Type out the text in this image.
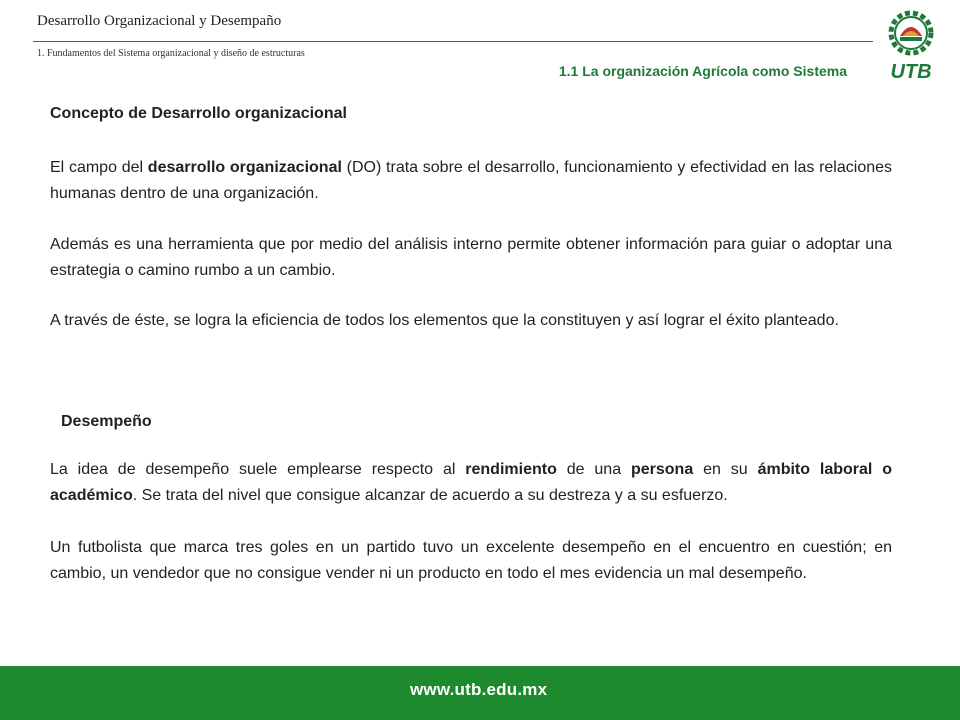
Desarrollo Organizacional y Desempaño
1. Fundamentos del Sistema organizacional y diseño de estructuras
1.1 La organización Agrícola como Sistema UTB
Concepto de Desarrollo organizacional
El campo del desarrollo organizacional (DO) trata sobre el desarrollo, funcionamiento y efectividad en las relaciones humanas dentro de una organización.
Además es una herramienta que por medio del análisis interno permite obtener información para guiar o adoptar una estrategia o camino rumbo a un cambio.
A través de éste, se logra la eficiencia de todos los elementos que la constituyen y así lograr el éxito planteado.
Desempeño
La idea de desempeño suele emplearse respecto al rendimiento de una persona en su ámbito laboral o académico. Se trata del nivel que consigue alcanzar de acuerdo a su destreza y a su esfuerzo.
Un futbolista que marca tres goles en un partido tuvo un excelente desempeño en el encuentro en cuestión; en cambio, un vendedor que no consigue vender ni un producto en todo el mes evidencia un mal desempeño.
www.utb.edu.mx
